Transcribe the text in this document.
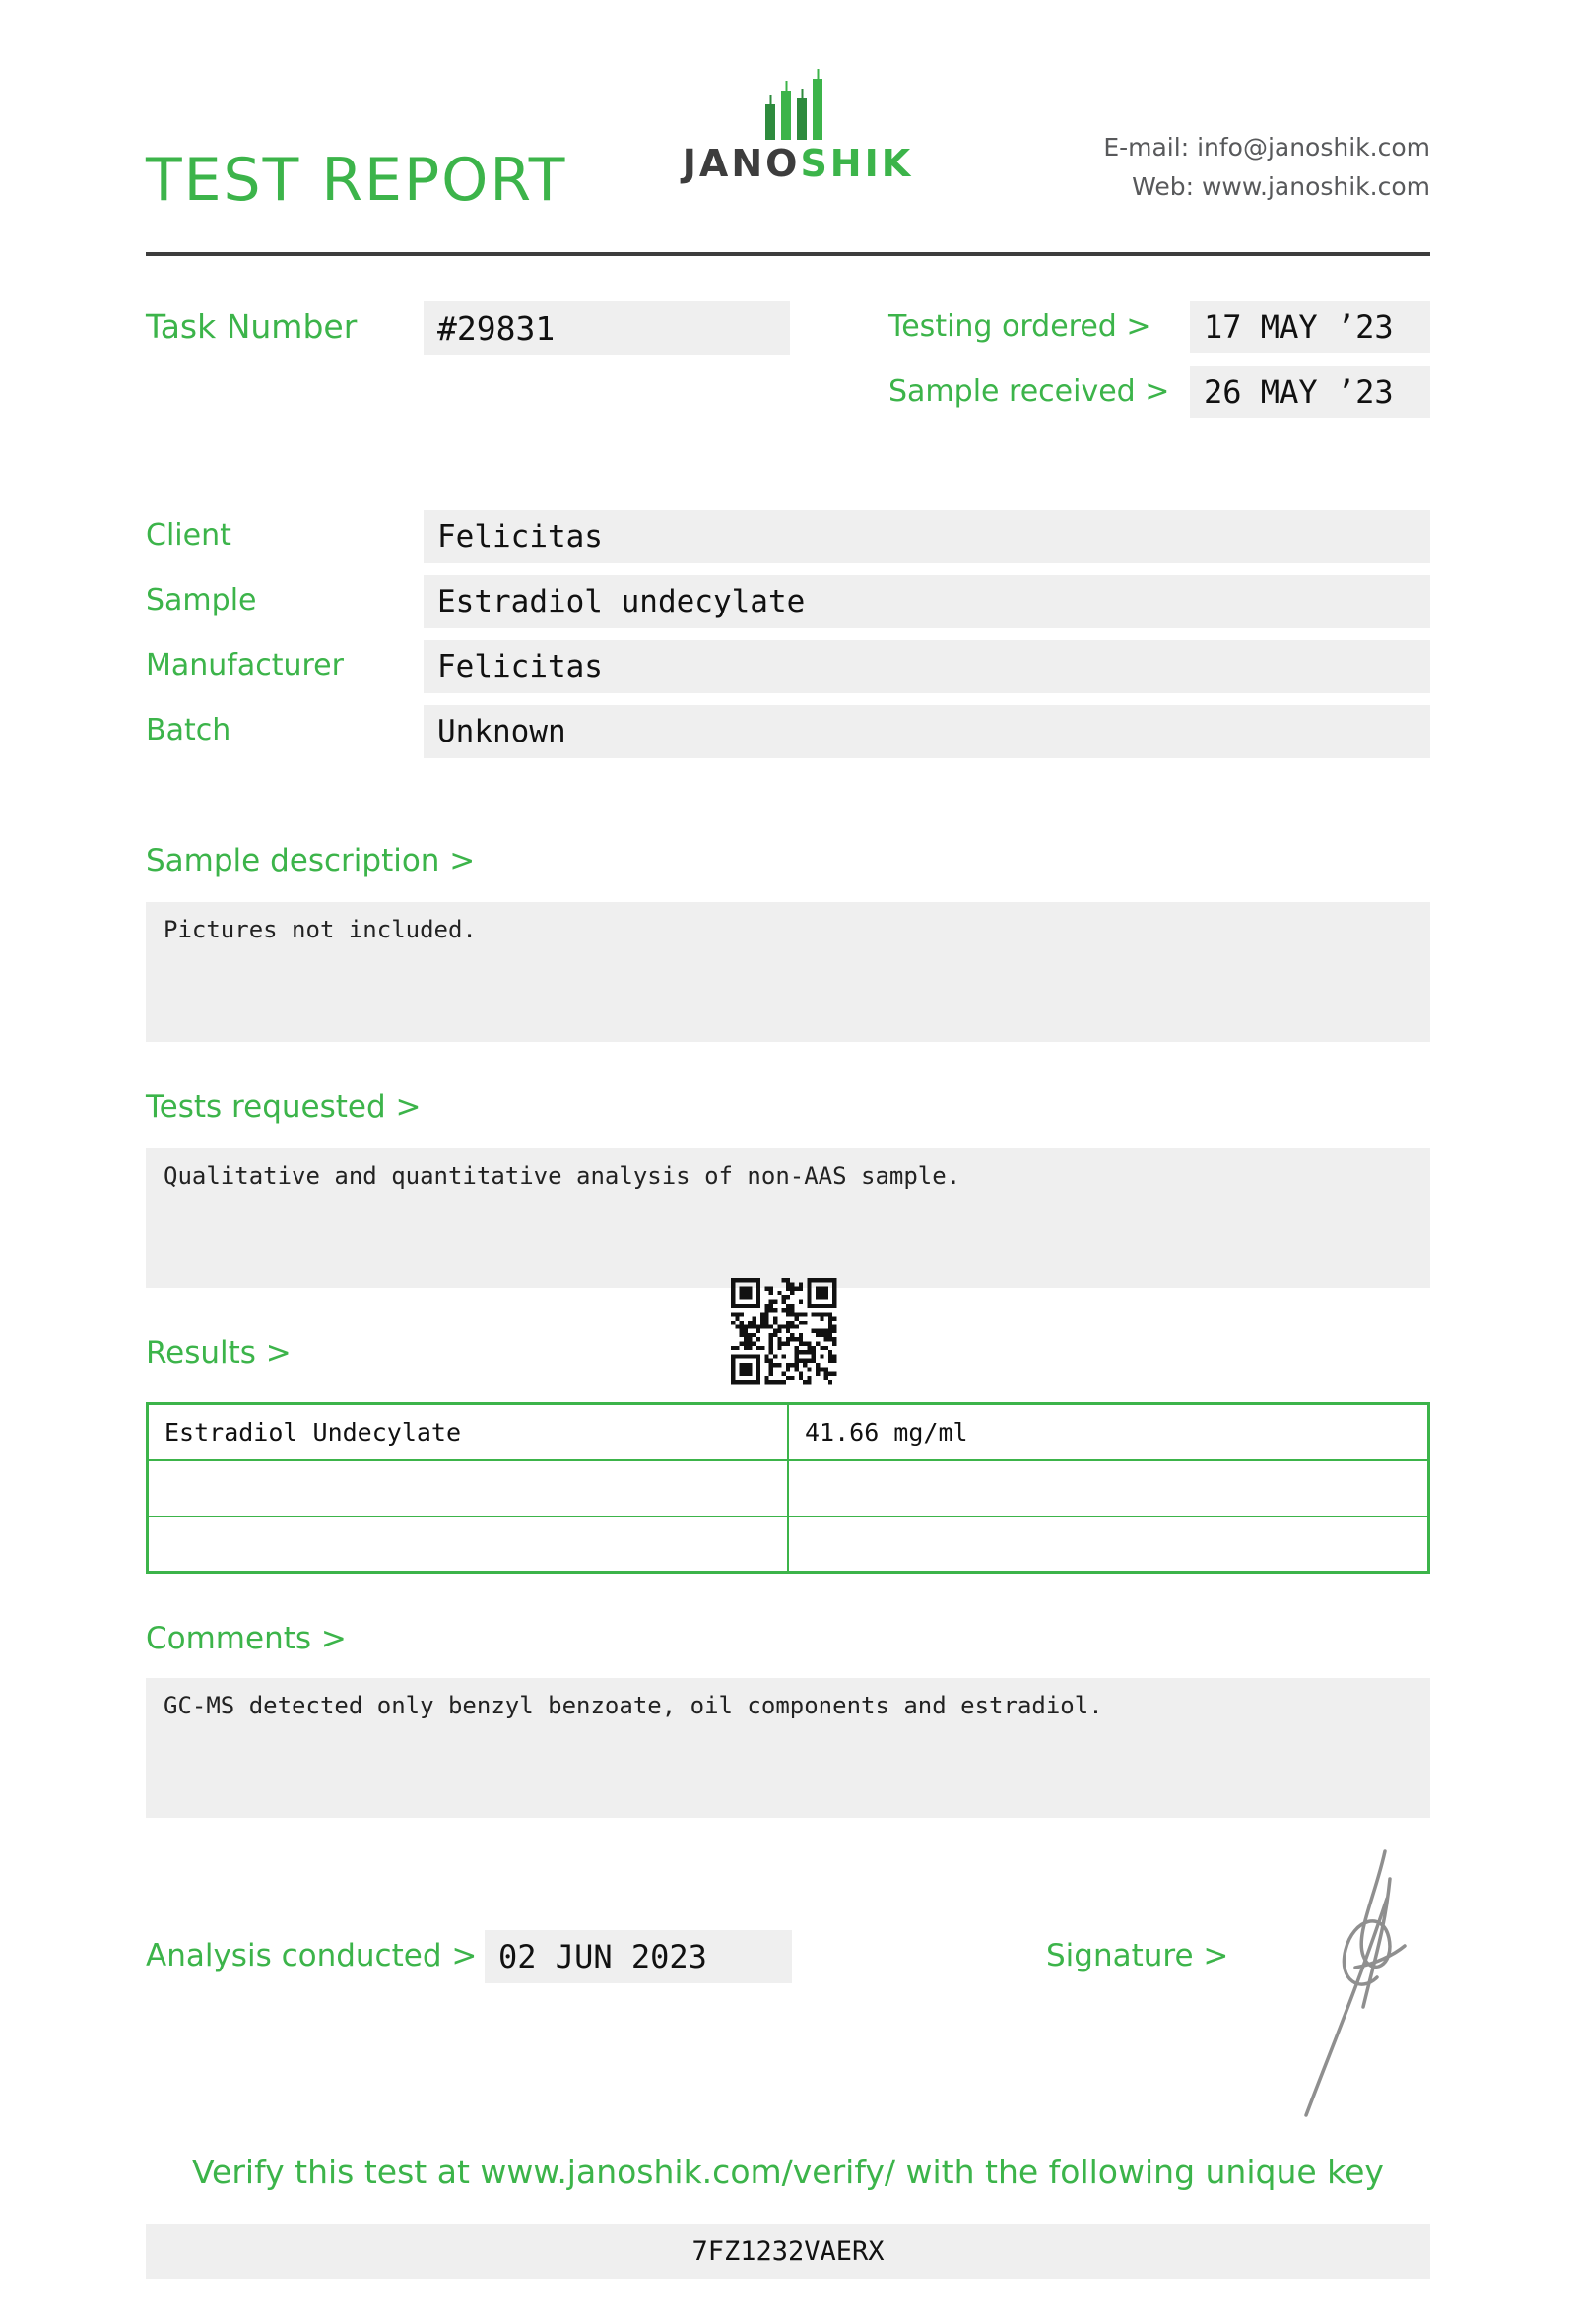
TEST REPORT	JANOSHIK	E-mail: info@janoshik.com
Web: www.janoshik.com
Task Number	#29831	Testing ordered >	17 MAY ’23
Sample received >	26 MAY ’23
Client	Felicitas
Sample	Estradiol undecylate
Manufacturer	Felicitas
Batch	Unknown
Sample description >
Pictures not included.
Tests requested >
Qualitative and quantitative analysis of non-AAS sample.
Results >
Estradiol Undecylate	41.66 mg/ml

Comments >
GC-MS detected only benzyl benzoate, oil components and estradiol.
Analysis conducted > 02 JUN 2023	Signature >
Verify this test at www.janoshik.com/verify/ with the following unique key
7FZ1232VAERX
